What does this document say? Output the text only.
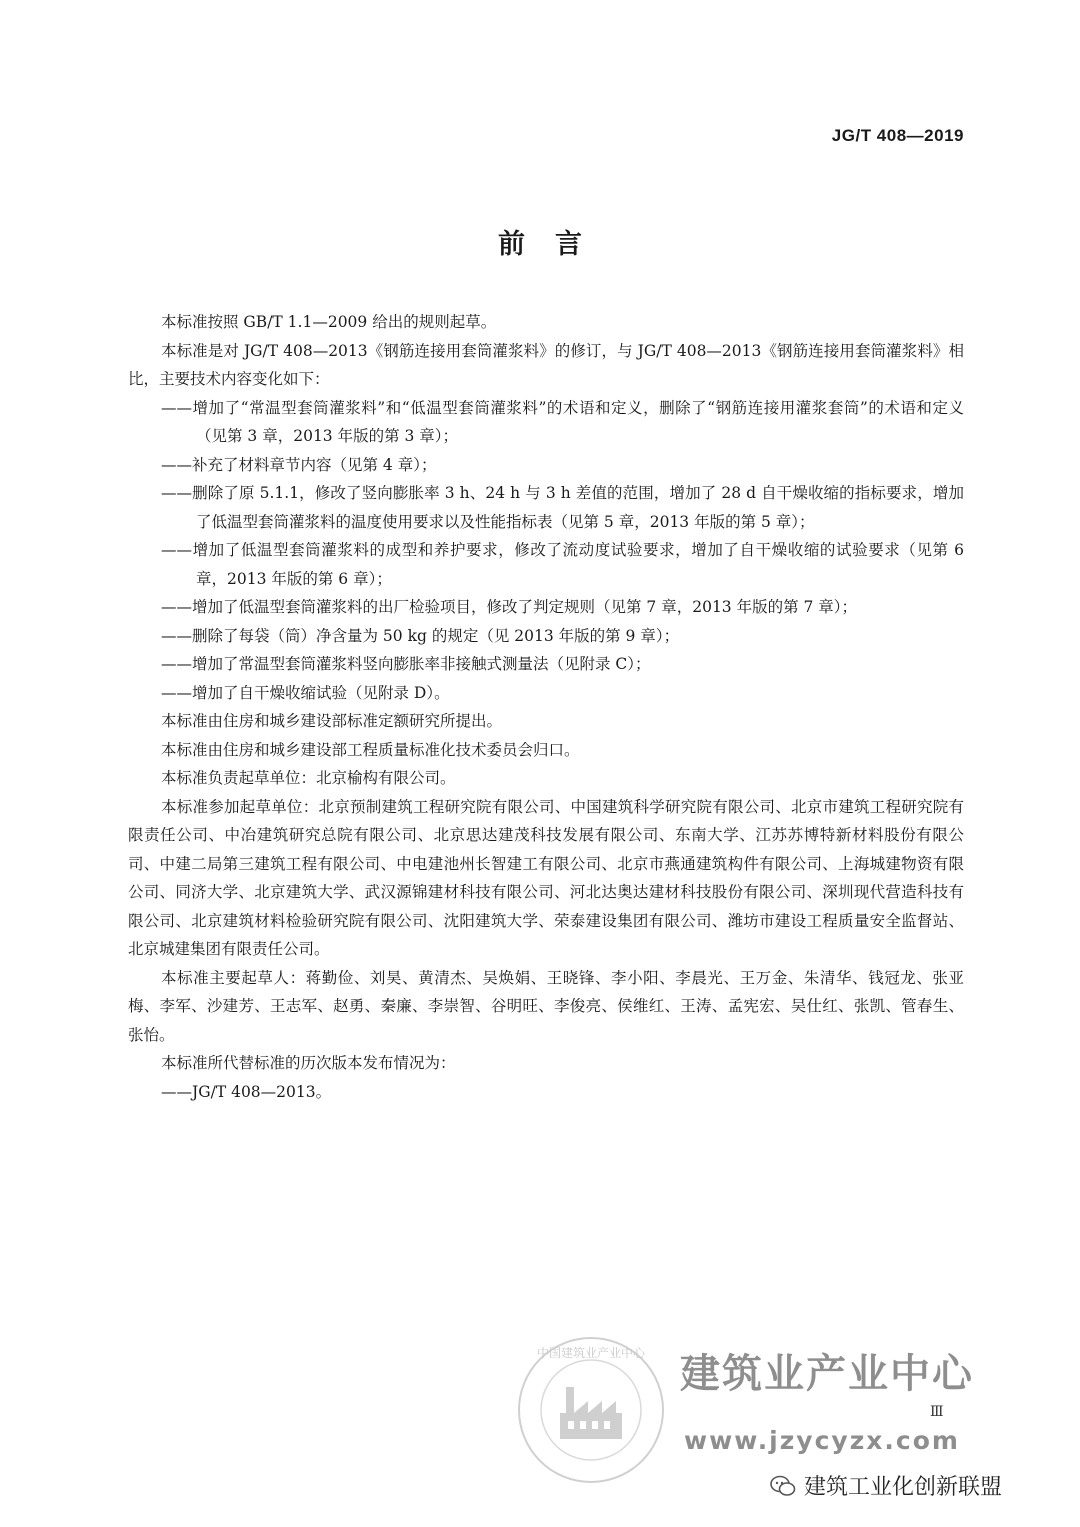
JG/T 408—2019
前言

本标准按照 GB/T 1.1—2009 给出的规则起草。

本标准是对 JG/T 408—2013《钢筋连接用套筒灌浆料》的修订，与 JG/T 408—2013《钢筋连接用套筒灌浆料》相比，主要技术内容变化如下：

——增加了“常温型套筒灌浆料”和“低温型套筒灌浆料”的术语和定义，删除了“钢筋连接用灌浆套筒”的术语和定义（见第 3 章，2013 年版的第 3 章）；

——补充了材料章节内容（见第 4 章）；

——删除了原 5.1.1，修改了竖向膨胀率 3 h、24 h 与 3 h 差值的范围，增加了 28 d 自干燥收缩的指标要求，增加了低温型套筒灌浆料的温度使用要求以及性能指标表（见第 5 章，2013 年版的第 5 章）；

——增加了低温型套筒灌浆料的成型和养护要求，修改了流动度试验要求，增加了自干燥收缩的试验要求（见第 6 章，2013 年版的第 6 章）；

——增加了低温型套筒灌浆料的出厂检验项目，修改了判定规则（见第 7 章，2013 年版的第 7 章）；

——删除了每袋（筒）净含量为 50 kg 的规定（见 2013 年版的第 9 章）；

——增加了常温型套筒灌浆料竖向膨胀率非接触式测量法（见附录 C）；

——增加了自干燥收缩试验（见附录 D）。

本标准由住房和城乡建设部标准定额研究所提出。

本标准由住房和城乡建设部工程质量标准化技术委员会归口。

本标准负责起草单位：北京榆构有限公司。

本标准参加起草单位：北京预制建筑工程研究院有限公司、中国建筑科学研究院有限公司、北京市建筑工程研究院有限责任公司、中冶建筑研究总院有限公司、北京思达建茂科技发展有限公司、东南大学、江苏苏博特新材料股份有限公司、中建二局第三建筑工程有限公司、中电建池州长智建工有限公司、北京市燕通建筑构件有限公司、上海城建物资有限公司、同济大学、北京建筑大学、武汉源锦建材科技有限公司、河北达奥达建材科技股份有限公司、深圳现代营造科技有限公司、北京建筑材料检验研究院有限公司、沈阳建筑大学、荣泰建设集团有限公司、潍坊市建设工程质量安全监督站、北京城建集团有限责任公司。

本标准主要起草人：蒋勤俭、刘昊、黄清杰、吴焕娟、王晓锋、李小阳、李晨光、王万金、朱清华、钱冠龙、张亚梅、李军、沙建芳、王志军、赵勇、秦廉、李崇智、谷明旺、李俊亮、侯维红、王涛、孟宪宏、吴仕红、张凯、管春生、张怡。

本标准所代替标准的历次版本发布情况为：

——JG/T 408—2013。

中国建筑业产业中心 建筑业产业中心
Ⅲ
www.jzycyzx.com
建筑工业化创新联盟
